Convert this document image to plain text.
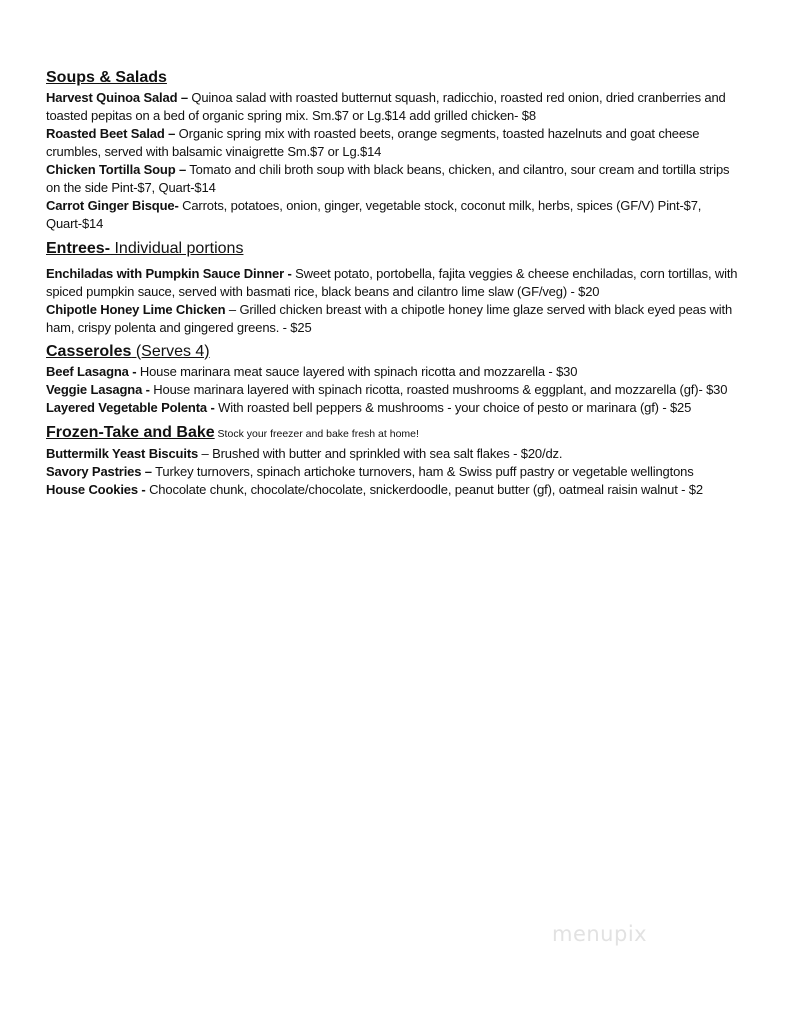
Soups & Salads

Harvest Quinoa Salad – Quinoa salad with roasted butternut squash, radicchio, roasted red onion, dried cranberries and toasted pepitas on a bed of organic spring mix. Sm.$7 or Lg.$14 add grilled chicken- $8

Roasted Beet Salad – Organic spring mix with roasted beets, orange segments, toasted hazelnuts and goat cheese crumbles, served with balsamic vinaigrette Sm.$7 or Lg.$14

Chicken Tortilla Soup – Tomato and chili broth soup with black beans, chicken, and cilantro, sour cream and tortilla strips on the side Pint-$7, Quart-$14

Carrot Ginger Bisque- Carrots, potatoes, onion, ginger, vegetable stock, coconut milk, herbs, spices (GF/V) Pint-$7, Quart-$14

Entrees- Individual portions

Enchiladas with Pumpkin Sauce Dinner - Sweet potato, portobella, fajita veggies & cheese enchiladas, corn tortillas, with spiced pumpkin sauce, served with basmati rice, black beans and cilantro lime slaw (GF/veg) - $20

Chipotle Honey Lime Chicken – Grilled chicken breast with a chipotle honey lime glaze served with black eyed peas with ham, crispy polenta and gingered greens. - $25

Casseroles (Serves 4)

Beef Lasagna - House marinara meat sauce layered with spinach ricotta and mozzarella - $30

Veggie Lasagna - House marinara layered with spinach ricotta, roasted mushrooms & eggplant, and mozzarella (gf)- $30

Layered Vegetable Polenta - With roasted bell peppers & mushrooms - your choice of pesto or marinara (gf) - $25

Frozen-Take and Bake Stock your freezer and bake fresh at home!

Buttermilk Yeast Biscuits – Brushed with butter and sprinkled with sea salt flakes - $20/dz.

Savory Pastries – Turkey turnovers, spinach artichoke turnovers, ham & Swiss puff pastry or vegetable wellingtons

House Cookies - Chocolate chunk, chocolate/chocolate, snickerdoodle, peanut butter (gf), oatmeal raisin walnut - $2

menupix
